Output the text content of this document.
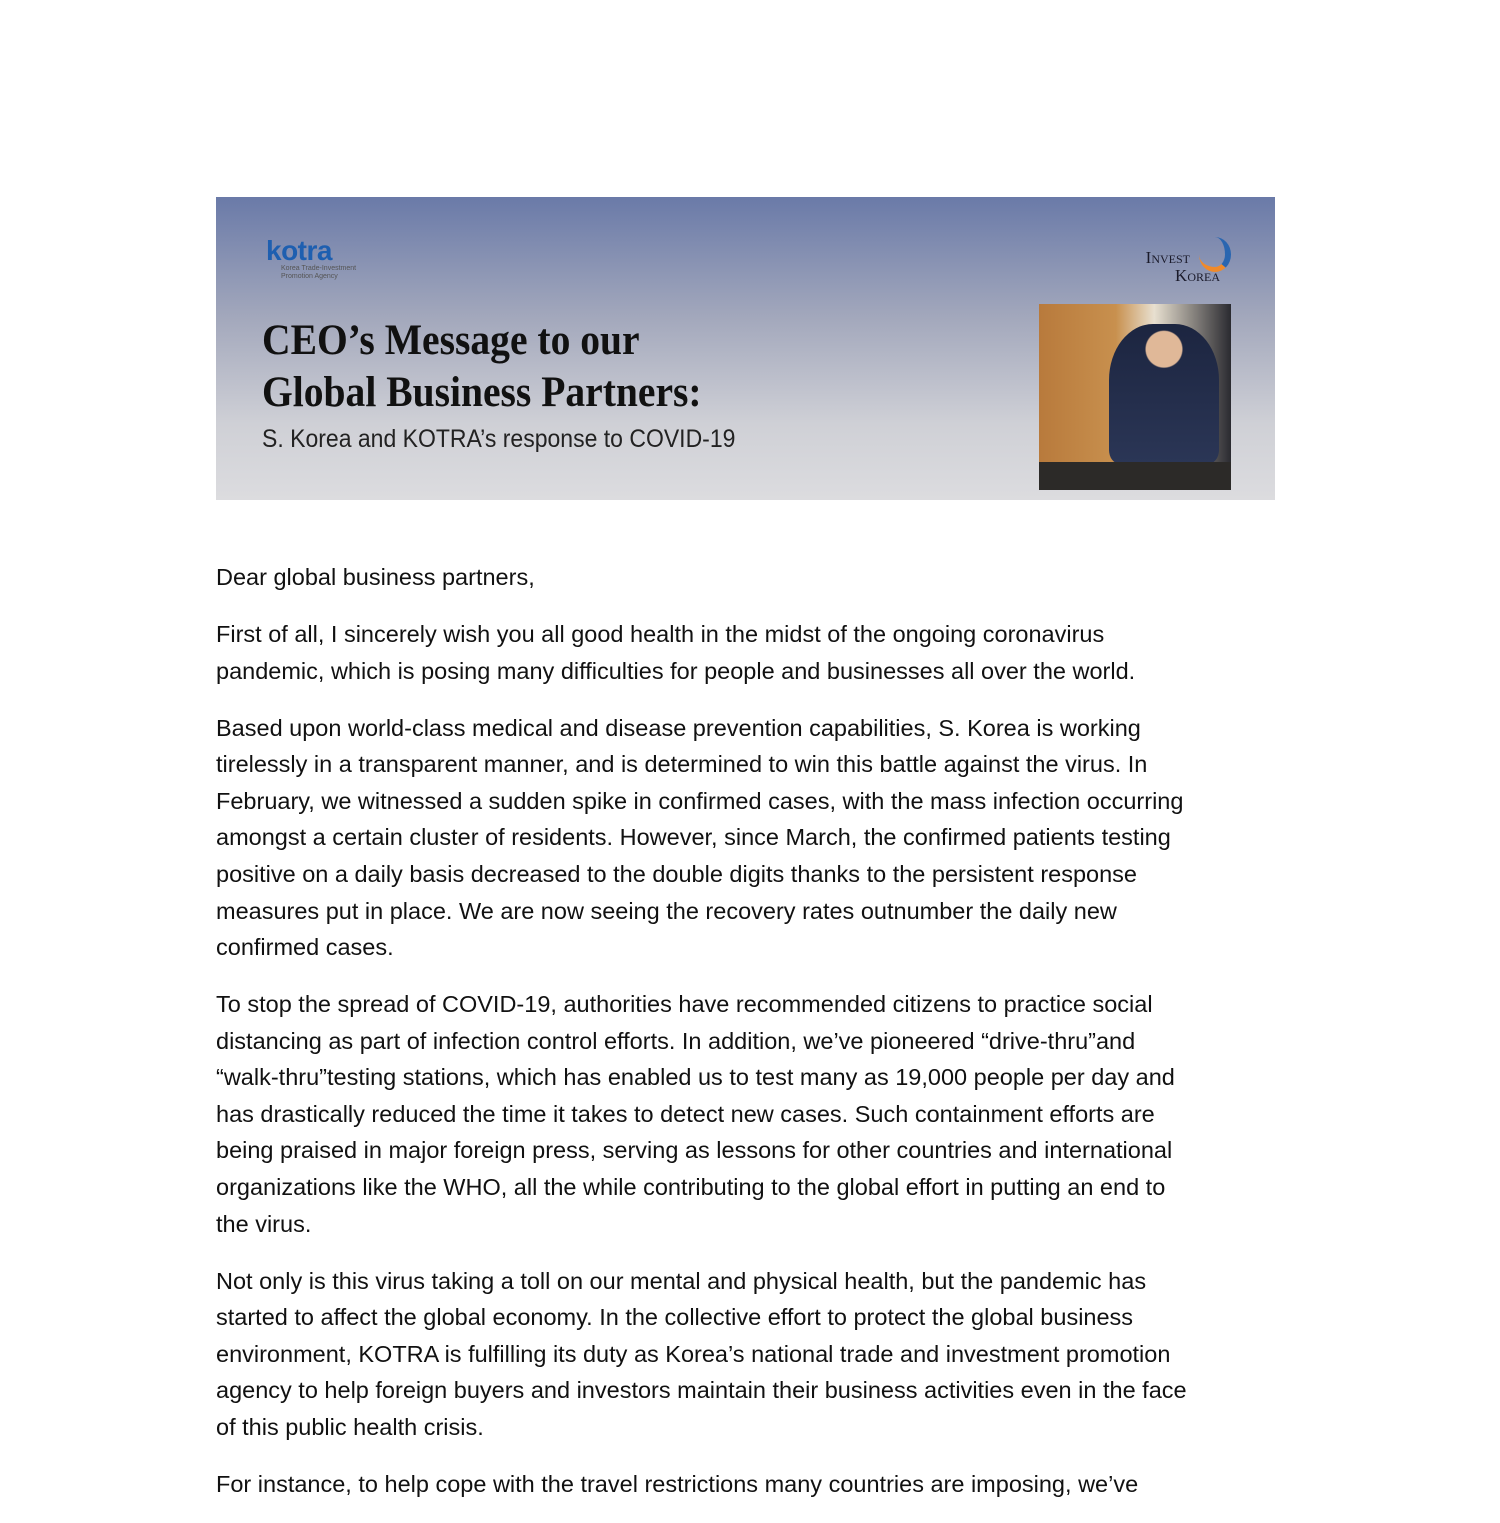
kotra
Korea Trade-Investment
Promotion Agency
Invest
Korea
CEO’s Message to our
Global Business Partners:
S. Korea and KOTRA’s response to COVID-19

Dear global business partners,

First of all, I sincerely wish you all good health in the midst of the ongoing coronavirus
pandemic, which is posing many difficulties for people and businesses all over the world.

Based upon world-class medical and disease prevention capabilities, S. Korea is working
tirelessly in a transparent manner, and is determined to win this battle against the virus. In
February, we witnessed a sudden spike in confirmed cases, with the mass infection occurring
amongst a certain cluster of residents. However, since March, the confirmed patients testing
positive on a daily basis decreased to the double digits thanks to the persistent response
measures put in place. We are now seeing the recovery rates outnumber the daily new
confirmed cases.

To stop the spread of COVID-19, authorities have recommended citizens to practice social
distancing as part of infection control efforts. In addition, we’ve pioneered “drive-thru”and
“walk-thru”testing stations, which has enabled us to test many as 19,000 people per day and
has drastically reduced the time it takes to detect new cases. Such containment efforts are
being praised in major foreign press, serving as lessons for other countries and international
organizations like the WHO, all the while contributing to the global effort in putting an end to
the virus.

Not only is this virus taking a toll on our mental and physical health, but the pandemic has
started to affect the global economy. In the collective effort to protect the global business
environment, KOTRA is fulfilling its duty as Korea’s national trade and investment promotion
agency to help foreign buyers and investors maintain their business activities even in the face
of this public health crisis.

For instance, to help cope with the travel restrictions many countries are imposing, we’ve
